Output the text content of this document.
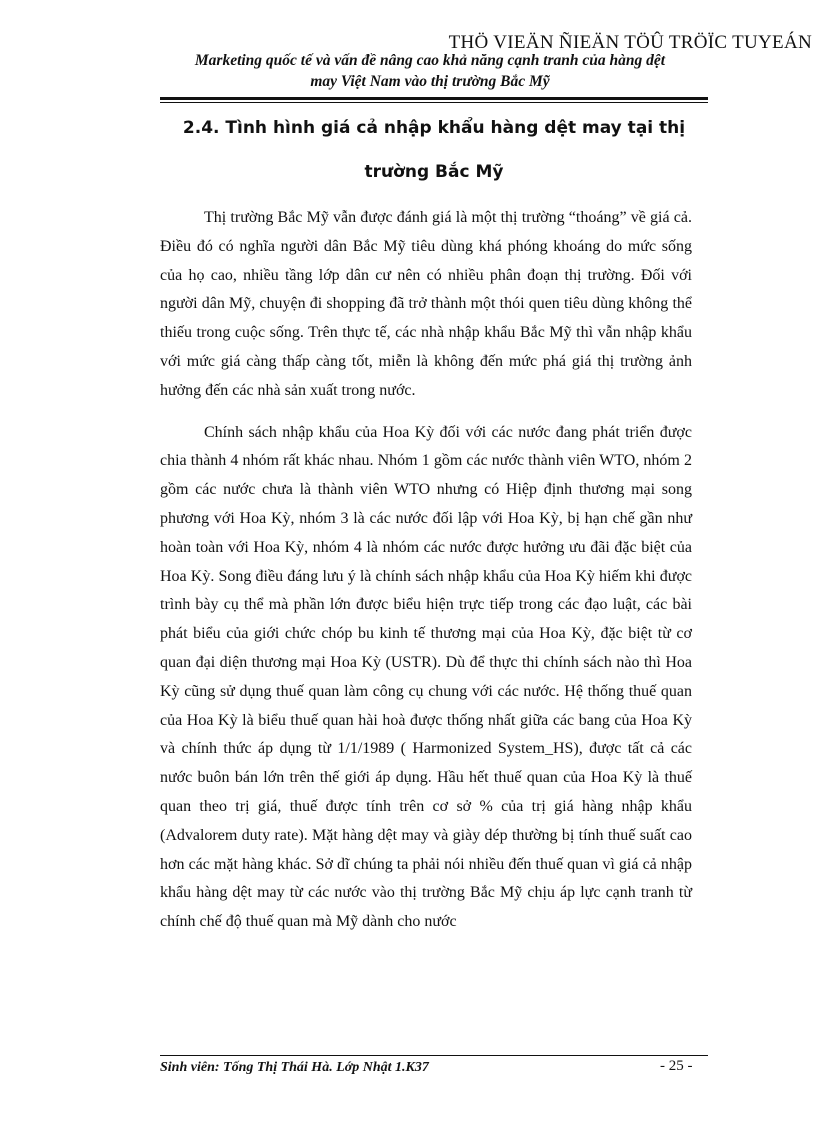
THÖ VIEÄN ÑIEÄN TÖÛ TRÖÏC TUYEÁN
Marketing quốc tế và vấn đề nâng cao khả năng cạnh tranh của hàng dệt
may Việt Nam vào thị trường Bắc Mỹ
2.4. Tình hình giá cả nhập khẩu hàng dệt may tại thị
trường Bắc Mỹ

Thị trường Bắc Mỹ vẫn được đánh giá là một thị trường “thoáng” về giá cả. Điều đó có nghĩa người dân Bắc Mỹ tiêu dùng khá phóng khoáng do mức sống của họ cao, nhiều tầng lớp dân cư nên có nhiều phân đoạn thị trường. Đối với người dân Mỹ, chuyện đi shopping đã trở thành một thói quen tiêu dùng không thể thiếu trong cuộc sống. Trên thực tế, các nhà nhập khẩu Bắc Mỹ thì vẫn nhập khẩu với mức giá càng thấp càng tốt, miễn là không đến mức phá giá thị trường ảnh hưởng đến các nhà sản xuất trong nước.

Chính sách nhập khẩu của Hoa Kỳ đối với các nước đang phát triển được chia thành 4 nhóm rất khác nhau. Nhóm 1 gồm các nước thành viên WTO, nhóm 2 gồm các nước chưa là thành viên WTO nhưng có Hiệp định thương mại song phương với Hoa Kỳ, nhóm 3 là các nước đối lập với Hoa Kỳ, bị hạn chế gần như hoàn toàn với Hoa Kỳ, nhóm 4 là nhóm các nước được hưởng ưu đãi đặc biệt của Hoa Kỳ. Song điều đáng lưu ý là chính sách nhập khẩu của Hoa Kỳ hiếm khi được trình bày cụ thể mà phần lớn được biểu hiện trực tiếp trong các đạo luật, các bài phát biểu của giới chức chóp bu kinh tế thương mại của Hoa Kỳ, đặc biệt từ cơ quan đại diện thương mại Hoa Kỳ (USTR). Dù để thực thi chính sách nào thì Hoa Kỳ cũng sử dụng thuế quan làm công cụ chung với các nước. Hệ thống thuế quan của Hoa Kỳ là biểu thuế quan hài hoà được thống nhất giữa các bang của Hoa Kỳ và chính thức áp dụng từ 1/1/1989 ( Harmonized System_HS), được tất cả các nước buôn bán lớn trên thế giới áp dụng. Hầu hết thuế quan của Hoa Kỳ là thuế quan theo trị giá, thuế được tính trên cơ sở % của trị giá hàng nhập khẩu (Advalorem duty rate). Mặt hàng dệt may và giày dép thường bị tính thuế suất cao hơn các mặt hàng khác. Sở dĩ chúng ta phải nói nhiều đến thuế quan vì giá cả nhập khẩu hàng dệt may từ các nước vào thị trường Bắc Mỹ chịu áp lực cạnh tranh từ chính chế độ thuế quan mà Mỹ dành cho nước

Sinh viên: Tống Thị Thái Hà. Lớp Nhật 1.K37	- 25 -
